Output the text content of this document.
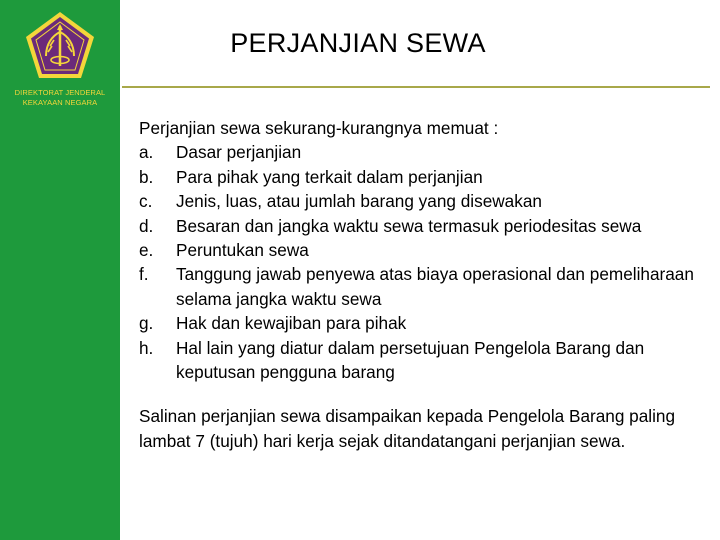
DIREKTORAT JENDERAL
KEKAYAAN NEGARA
PERJANJIAN SEWA

Perjanjian sewa sekurang-kurangnya memuat :

a.	Dasar perjanjian
b.	Para pihak yang terkait dalam perjanjian
c.	Jenis, luas, atau jumlah barang yang disewakan
d.	Besaran dan jangka waktu sewa termasuk periodesitas sewa
e.	Peruntukan sewa
f.	Tanggung jawab penyewa atas biaya operasional dan pemeliharaan selama jangka waktu sewa
g.	Hak dan kewajiban para pihak
h.	Hal lain yang diatur dalam persetujuan Pengelola Barang dan keputusan pengguna barang

Salinan perjanjian sewa disampaikan kepada Pengelola Barang paling lambat 7 (tujuh) hari kerja sejak ditandatangani perjanjian sewa.
